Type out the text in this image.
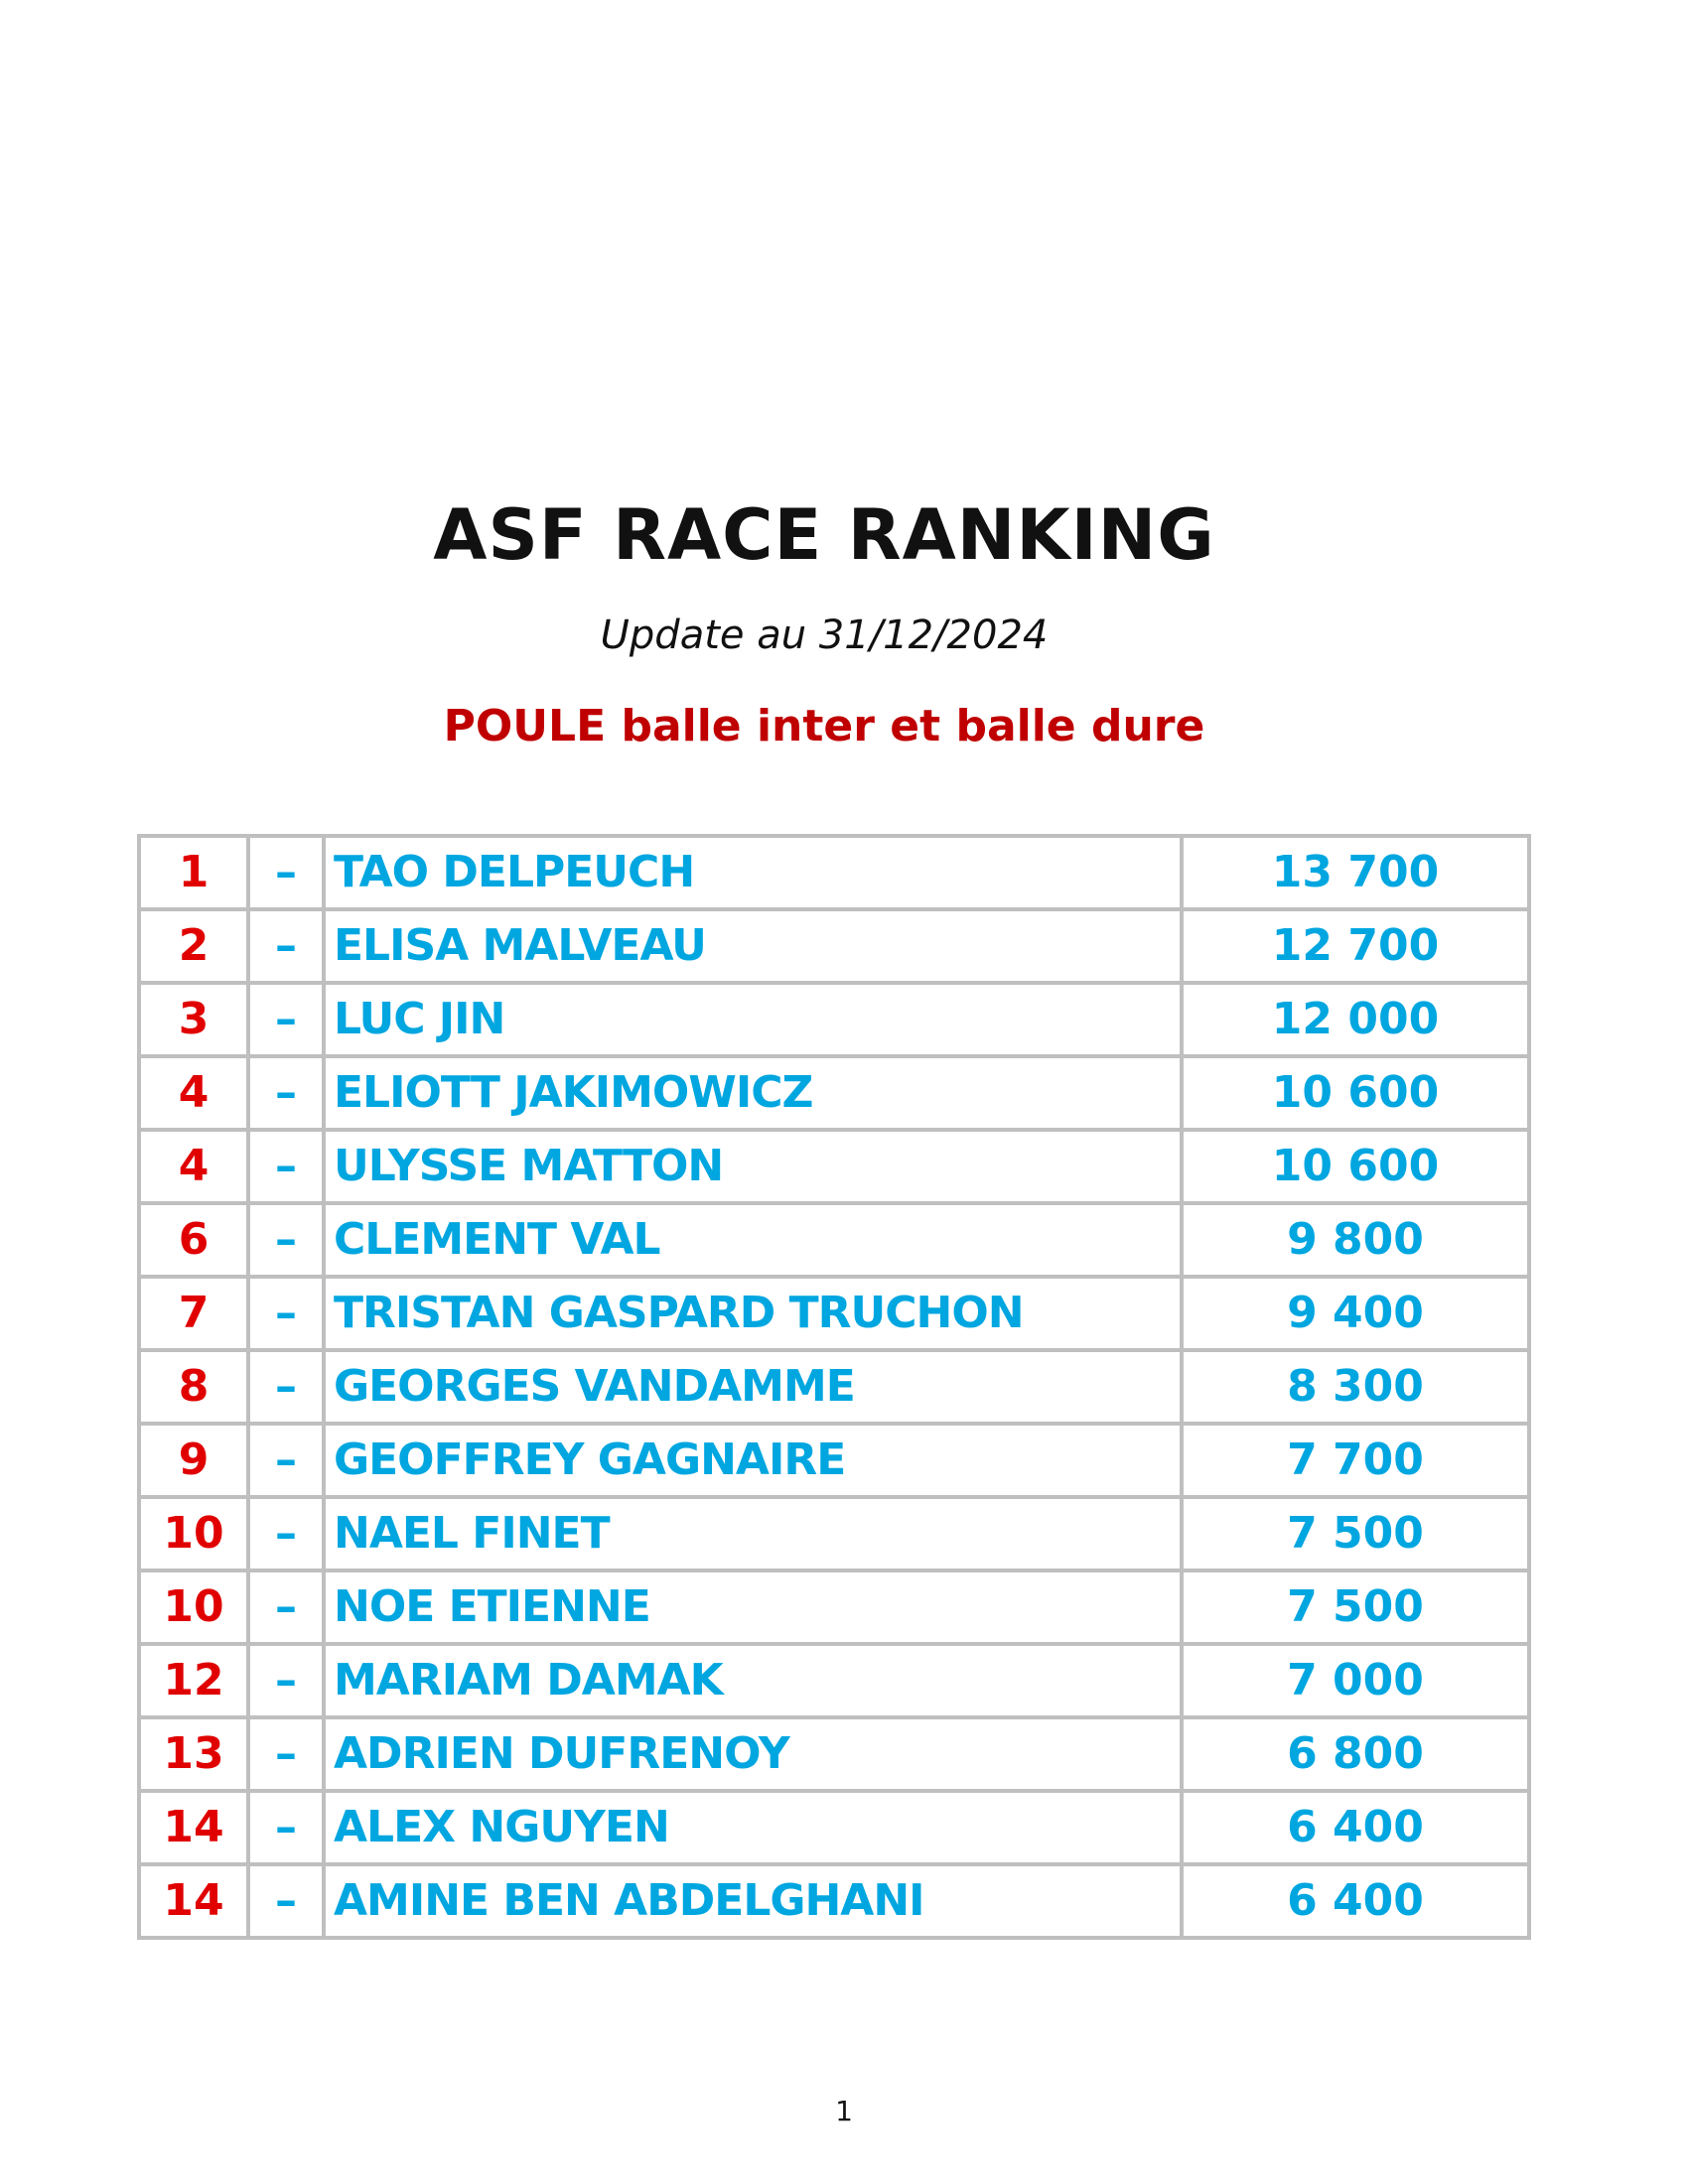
ASF RACE RANKING
Update au 31/12/2024
POULE balle inter et balle dure
1	–	TAO DELPEUCH	13 700
2	–	ELISA MALVEAU	12 700
3	–	LUC JIN	12 000
4	–	ELIOTT JAKIMOWICZ	10 600
4	–	ULYSSE MATTON	10 600
6	–	CLEMENT VAL	9 800
7	–	TRISTAN GASPARD TRUCHON	9 400
8	–	GEORGES VANDAMME	8 300
9	–	GEOFFREY GAGNAIRE	7 700
10	–	NAEL FINET	7 500
10	–	NOE ETIENNE	7 500
12	–	MARIAM DAMAK	7 000
13	–	ADRIEN DUFRENOY	6 800
14	–	ALEX NGUYEN	6 400
14	–	AMINE BEN ABDELGHANI	6 400
1
